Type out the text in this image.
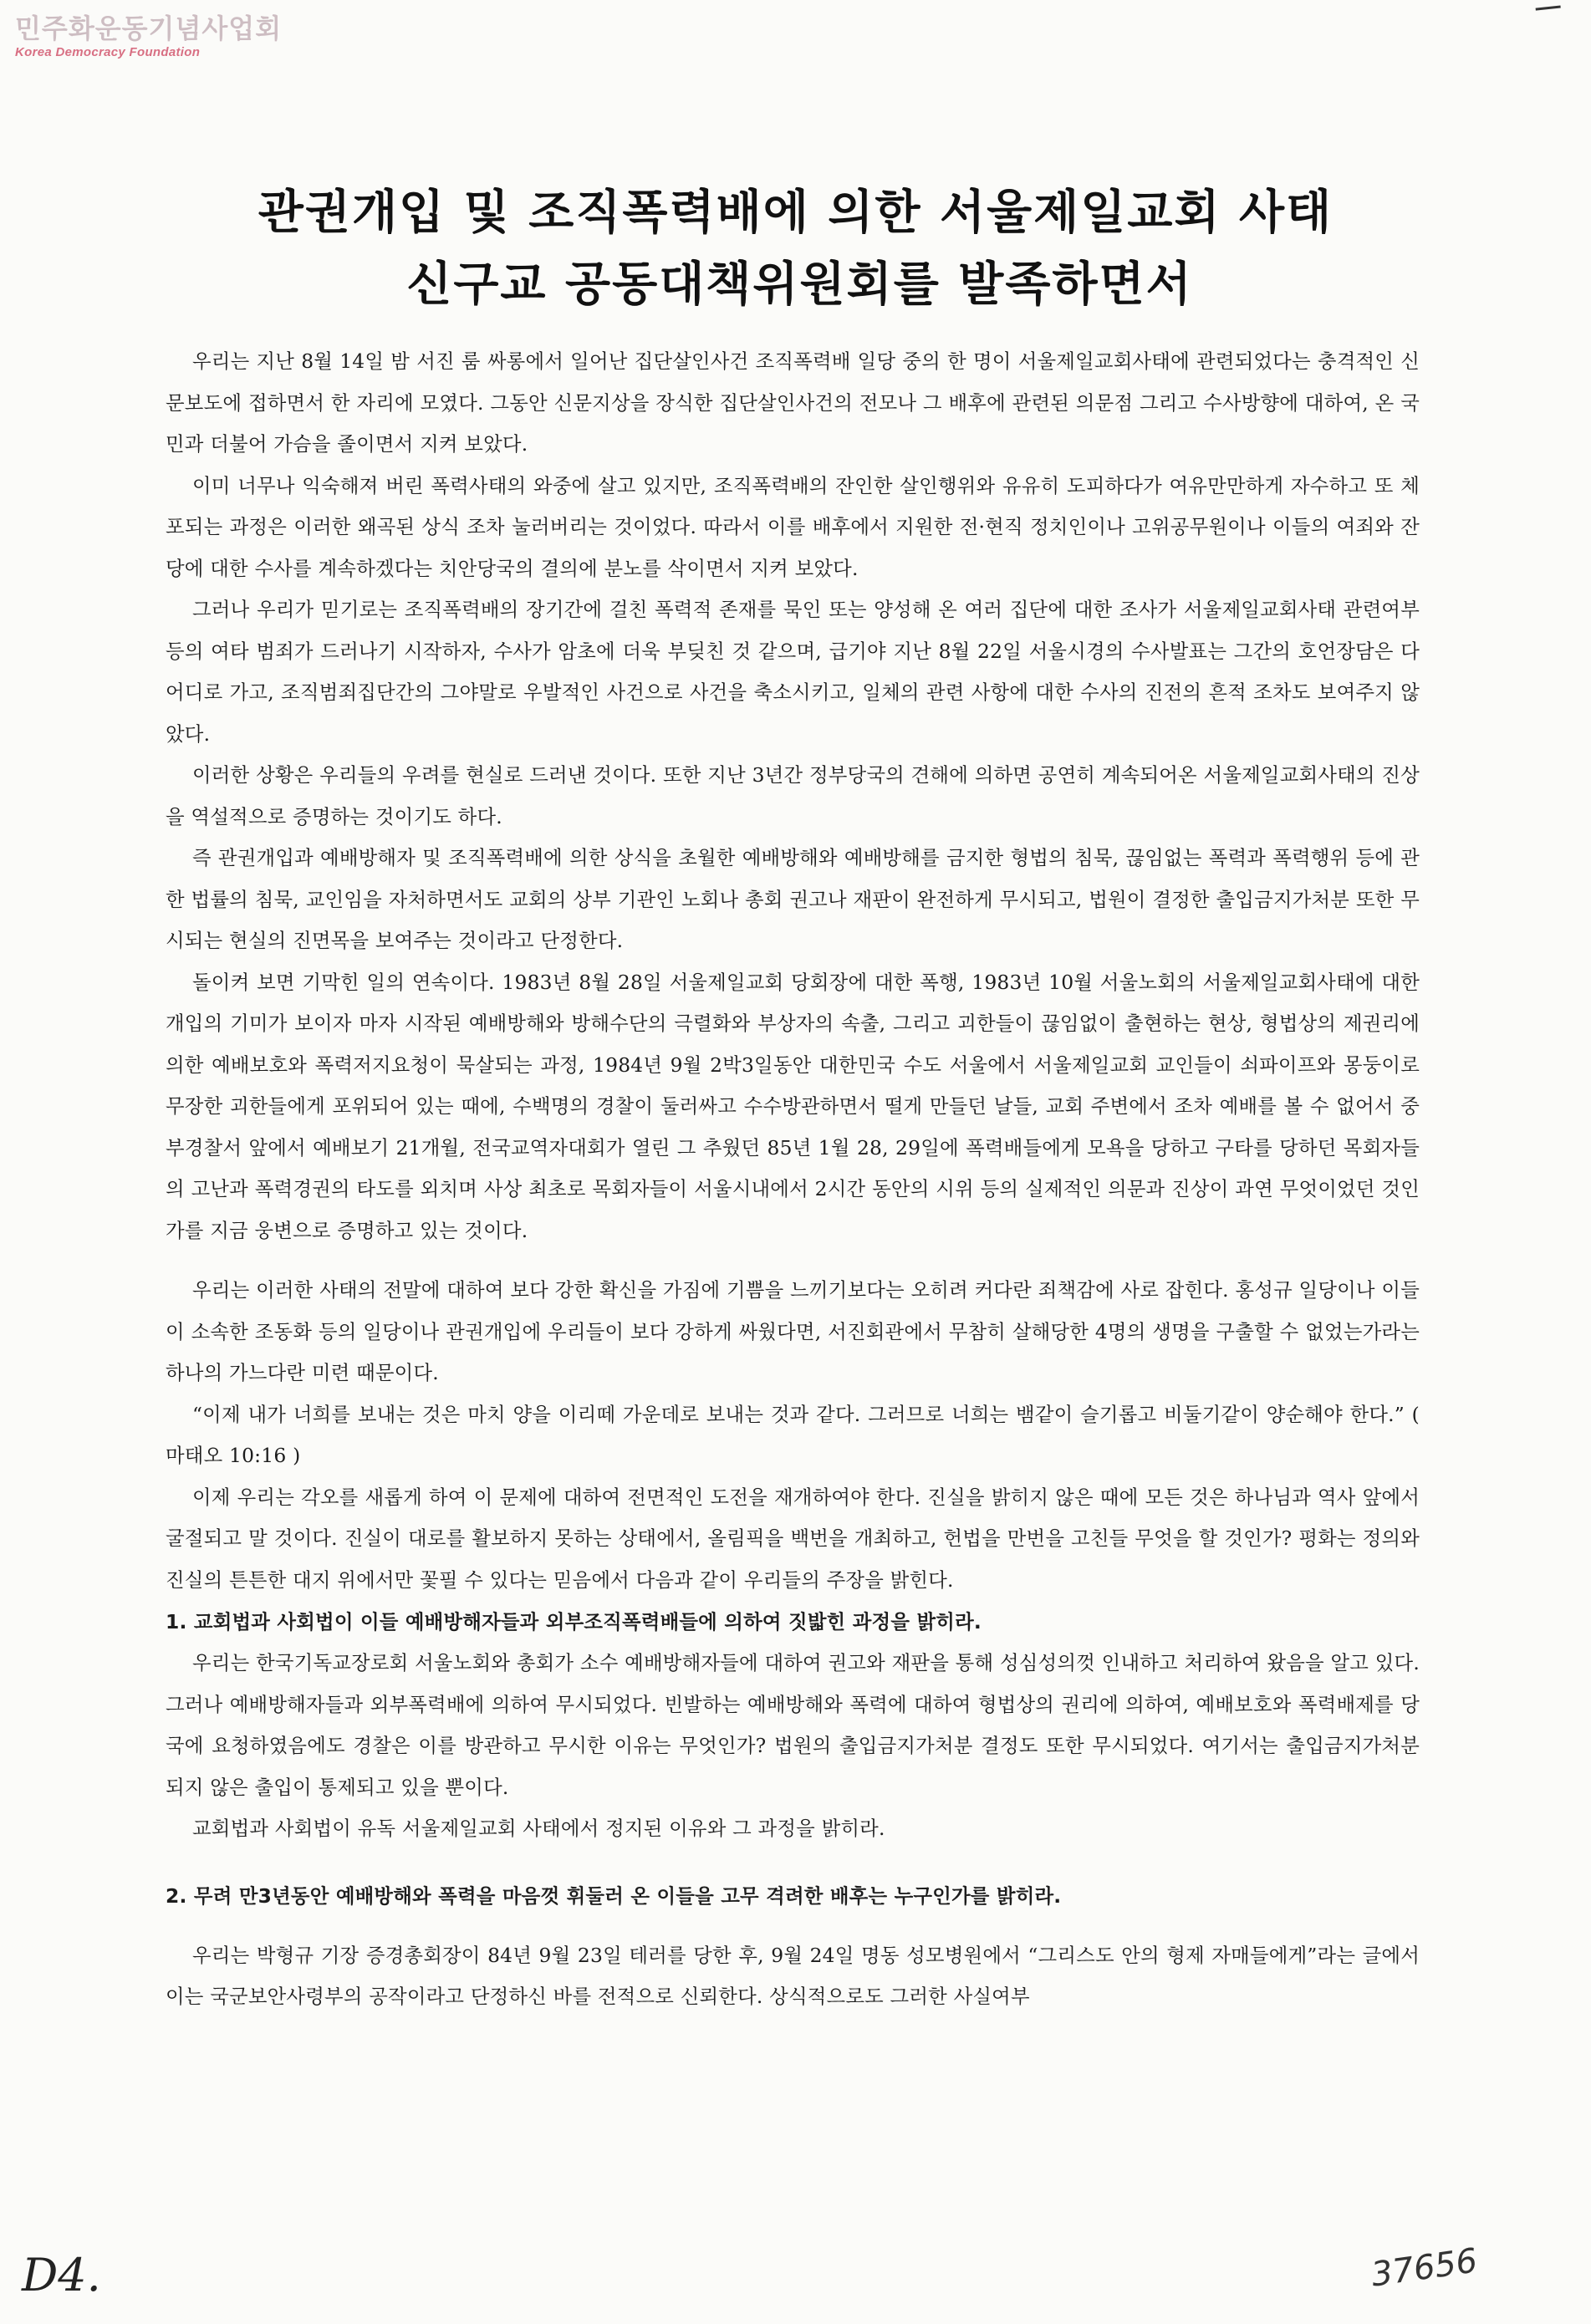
민주화운동기념사업회
Korea Democracy Foundation
관권개입 및 조직폭력배에 의한 서울제일교회 사태
신구교 공동대책위원회를 발족하면서

우리는 지난 8월 14일 밤 서진 룸 싸롱에서 일어난 집단살인사건 조직폭력배 일당 중의 한 명이 서울제일교회사태에 관련되었다는 충격적인 신문보도에 접하면서 한 자리에 모였다. 그동안 신문지상을 장식한 집단살인사건의 전모나 그 배후에 관련된 의문점 그리고 수사방향에 대하여, 온 국민과 더불어 가슴을 졸이면서 지켜 보았다.

이미 너무나 익숙해져 버린 폭력사태의 와중에 살고 있지만, 조직폭력배의 잔인한 살인행위와 유유히 도피하다가 여유만만하게 자수하고 또 체포되는 과정은 이러한 왜곡된 상식 조차 눌러버리는 것이었다. 따라서 이를 배후에서 지원한 전·현직 정치인이나 고위공무원이나 이들의 여죄와 잔당에 대한 수사를 계속하겠다는 치안당국의 결의에 분노를 삭이면서 지켜 보았다.

그러나 우리가 믿기로는 조직폭력배의 장기간에 걸친 폭력적 존재를 묵인 또는 양성해 온 여러 집단에 대한 조사가 서울제일교회사태 관련여부 등의 여타 범죄가 드러나기 시작하자, 수사가 암초에 더욱 부딪친 것 같으며, 급기야 지난 8월 22일 서울시경의 수사발표는 그간의 호언장담은 다 어디로 가고, 조직범죄집단간의 그야말로 우발적인 사건으로 사건을 축소시키고, 일체의 관련 사항에 대한 수사의 진전의 흔적 조차도 보여주지 않았다.

이러한 상황은 우리들의 우려를 현실로 드러낸 것이다. 또한 지난 3년간 정부당국의 견해에 의하면 공연히 계속되어온 서울제일교회사태의 진상을 역설적으로 증명하는 것이기도 하다.

즉 관권개입과 예배방해자 및 조직폭력배에 의한 상식을 초월한 예배방해와 예배방해를 금지한 형법의 침묵, 끊임없는 폭력과 폭력행위 등에 관한 법률의 침묵, 교인임을 자처하면서도 교회의 상부 기관인 노회나 총회 권고나 재판이 완전하게 무시되고, 법원이 결정한 출입금지가처분 또한 무시되는 현실의 진면목을 보여주는 것이라고 단정한다.

돌이켜 보면 기막힌 일의 연속이다. 1983년 8월 28일 서울제일교회 당회장에 대한 폭행, 1983년 10월 서울노회의 서울제일교회사태에 대한 개입의 기미가 보이자 마자 시작된 예배방해와 방해수단의 극렬화와 부상자의 속출, 그리고 괴한들이 끊임없이 출현하는 현상, 형법상의 제권리에 의한 예배보호와 폭력저지요청이 묵살되는 과정, 1984년 9월 2박3일동안 대한민국 수도 서울에서 서울제일교회 교인들이 쇠파이프와 몽둥이로 무장한 괴한들에게 포위되어 있는 때에, 수백명의 경찰이 둘러싸고 수수방관하면서 떨게 만들던 날들, 교회 주변에서 조차 예배를 볼 수 없어서 중부경찰서 앞에서 예배보기 21개월, 전국교역자대회가 열린 그 추웠던 85년 1월 28, 29일에 폭력배들에게 모욕을 당하고 구타를 당하던 목회자들의 고난과 폭력경권의 타도를 외치며 사상 최초로 목회자들이 서울시내에서 2시간 동안의 시위 등의 실제적인 의문과 진상이 과연 무엇이었던 것인가를 지금 웅변으로 증명하고 있는 것이다.

우리는 이러한 사태의 전말에 대하여 보다 강한 확신을 가짐에 기쁨을 느끼기보다는 오히려 커다란 죄책감에 사로 잡힌다. 홍성규 일당이나 이들이 소속한 조동화 등의 일당이나 관권개입에 우리들이 보다 강하게 싸웠다면, 서진회관에서 무참히 살해당한 4명의 생명을 구출할 수 없었는가라는 하나의 가느다란 미련 때문이다.

“이제 내가 너희를 보내는 것은 마치 양을 이리떼 가운데로 보내는 것과 같다. 그러므로 너희는 뱀같이 슬기롭고 비둘기같이 양순해야 한다.” ( 마태오 10:16 )

이제 우리는 각오를 새롭게 하여 이 문제에 대하여 전면적인 도전을 재개하여야 한다. 진실을 밝히지 않은 때에 모든 것은 하나님과 역사 앞에서 굴절되고 말 것이다. 진실이 대로를 활보하지 못하는 상태에서, 올림픽을 백번을 개최하고, 헌법을 만번을 고친들 무엇을 할 것인가? 평화는 정의와 진실의 튼튼한 대지 위에서만 꽃필 수 있다는 믿음에서 다음과 같이 우리들의 주장을 밝힌다.

1. 교회법과 사회법이 이들 예배방해자들과 외부조직폭력배들에 의하여 짓밟힌 과정을 밝히라.

우리는 한국기독교장로회 서울노회와 총회가 소수 예배방해자들에 대하여 권고와 재판을 통해 성심성의껏 인내하고 처리하여 왔음을 알고 있다. 그러나 예배방해자들과 외부폭력배에 의하여 무시되었다. 빈발하는 예배방해와 폭력에 대하여 형법상의 권리에 의하여, 예배보호와 폭력배제를 당국에 요청하였음에도 경찰은 이를 방관하고 무시한 이유는 무엇인가? 법원의 출입금지가처분 결정도 또한 무시되었다. 여기서는 출입금지가처분 되지 않은 출입이 통제되고 있을 뿐이다.

교회법과 사회법이 유독 서울제일교회 사태에서 정지된 이유와 그 과정을 밝히라.

2. 무려 만3년동안 예배방해와 폭력을 마음껏 휘둘러 온 이들을 고무 격려한 배후는 누구인가를 밝히라.

우리는 박형규 기장 증경총회장이 84년 9월 23일 테러를 당한 후, 9월 24일 명동 성모병원에서 “그리스도 안의 형제 자매들에게”라는 글에서 이는 국군보안사령부의 공작이라고 단정하신 바를 전적으로 신뢰한다. 상식적으로도 그러한 사실여부

D4.	37656
